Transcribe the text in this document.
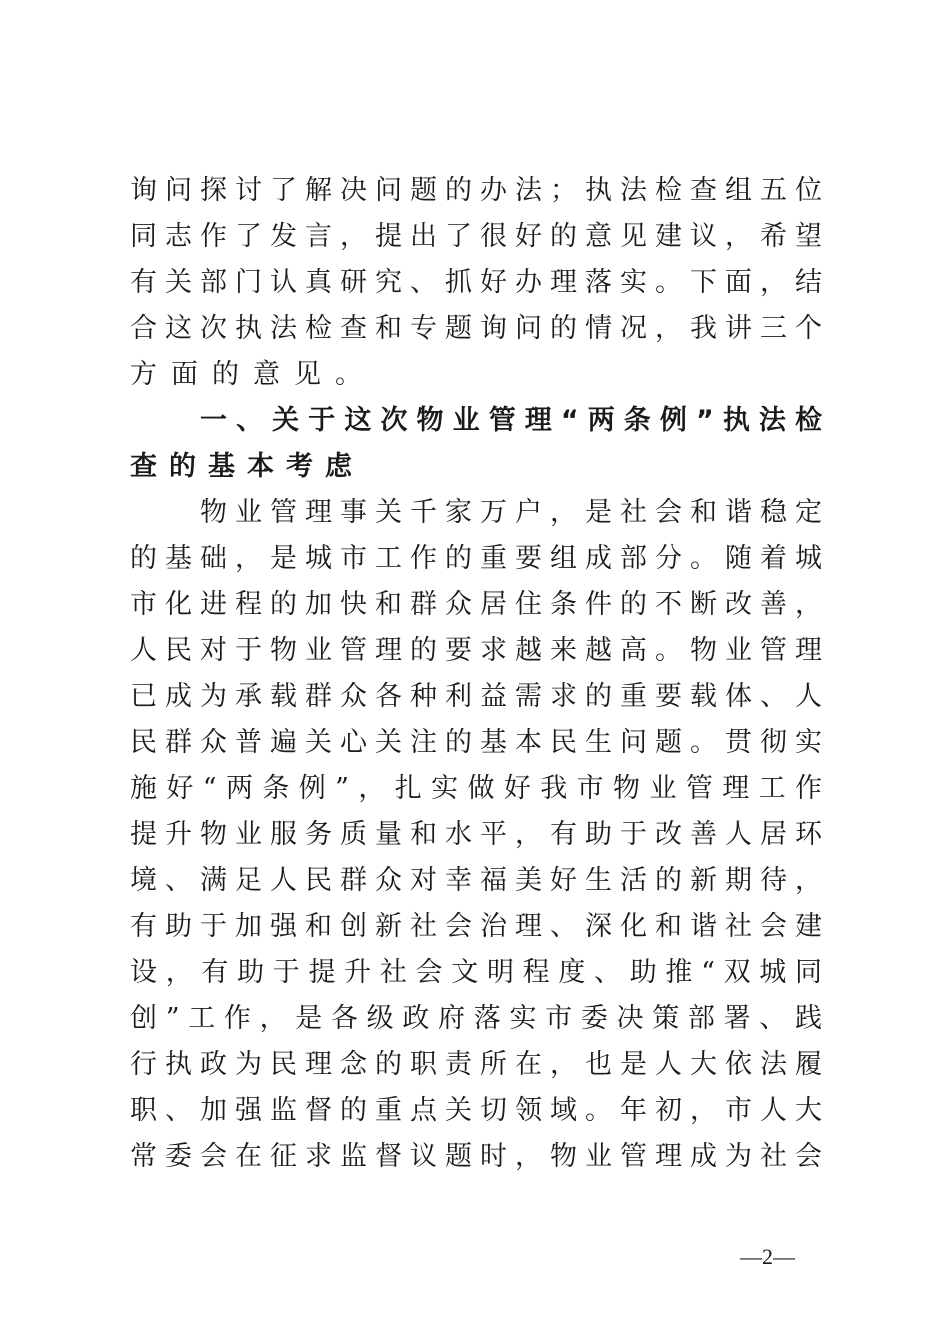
询问探讨了解决问题的办法；执法检查组五位
同志作了发言，提出了很好的意见建议，希望
有关部门认真研究、抓好办理落实。下面，结
合这次执法检查和专题询问的情况，我讲三个
方面的意见。
一、关于这次物业管理“两条例”执法检
查的基本考虑
物业管理事关千家万户，是社会和谐稳定
的基础，是城市工作的重要组成部分。随着城
市化进程的加快和群众居住条件的不断改善，
人民对于物业管理的要求越来越高。物业管理
已成为承载群众各种利益需求的重要载体、人
民群众普遍关心关注的基本民生问题。贯彻实
施好“两条例”，扎实做好我市物业管理工作
提升物业服务质量和水平，有助于改善人居环
境、满足人民群众对幸福美好生活的新期待，
有助于加强和创新社会治理、深化和谐社会建
设，有助于提升社会文明程度、助推“双城同
创”工作，是各级政府落实市委决策部署、践
行执政为民理念的职责所在，也是人大依法履
职、加强监督的重点关切领域。年初，市人大
常委会在征求监督议题时，物业管理成为社会
—2—
